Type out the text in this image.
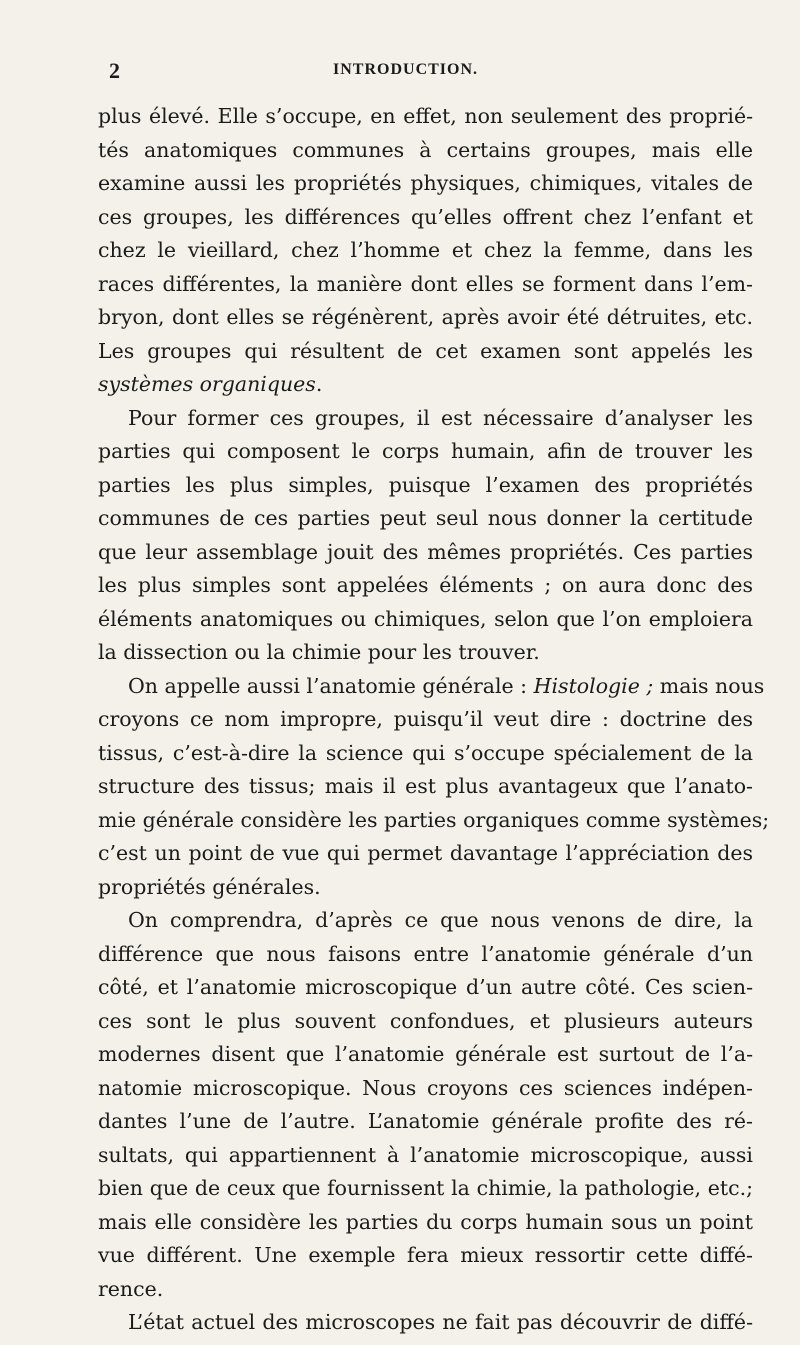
2	INTRODUCTION.
plus élevé. Elle s’occupe, en effet, non seulement des proprié-
tés anatomiques communes à certains groupes, mais elle
examine aussi les propriétés physiques, chimiques, vitales de
ces groupes, les différences qu’elles offrent chez l’enfant et
chez le vieillard, chez l’homme et chez la femme, dans les
races différentes, la manière dont elles se forment dans l’em-
bryon, dont elles se régénèrent, après avoir été détruites, etc.
Les groupes qui résultent de cet examen sont appelés les
systèmes organiques.
Pour former ces groupes, il est nécessaire d’analyser les
parties qui composent le corps humain, afin de trouver les
parties les plus simples, puisque l’examen des propriétés
communes de ces parties peut seul nous donner la certitude
que leur assemblage jouit des mêmes propriétés. Ces parties
les plus simples sont appelées éléments ; on aura donc des
éléments anatomiques ou chimiques, selon que l’on emploiera
la dissection ou la chimie pour les trouver.
On appelle aussi l’anatomie générale : Histologie ; mais nous
croyons ce nom impropre, puisqu’il veut dire : doctrine des
tissus, c’est-à-dire la science qui s’occupe spécialement de la
structure des tissus; mais il est plus avantageux que l’anato-
mie générale considère les parties organiques comme systèmes;
c’est un point de vue qui permet davantage l’appréciation des
propriétés générales.
On comprendra, d’après ce que nous venons de dire, la
différence que nous faisons entre l’anatomie générale d’un
côté, et l’anatomie microscopique d’un autre côté. Ces scien-
ces sont le plus souvent confondues, et plusieurs auteurs
modernes disent que l’anatomie générale est surtout de l’a-
natomie microscopique. Nous croyons ces sciences indépen-
dantes l’une de l’autre. L’anatomie générale profite des ré-
sultats, qui appartiennent à l’anatomie microscopique, aussi
bien que de ceux que fournissent la chimie, la pathologie, etc.;
mais elle considère les parties du corps humain sous un point
vue différent. Une exemple fera mieux ressortir cette diffé-
rence.
L’état actuel des microscopes ne fait pas découvrir de diffé-
